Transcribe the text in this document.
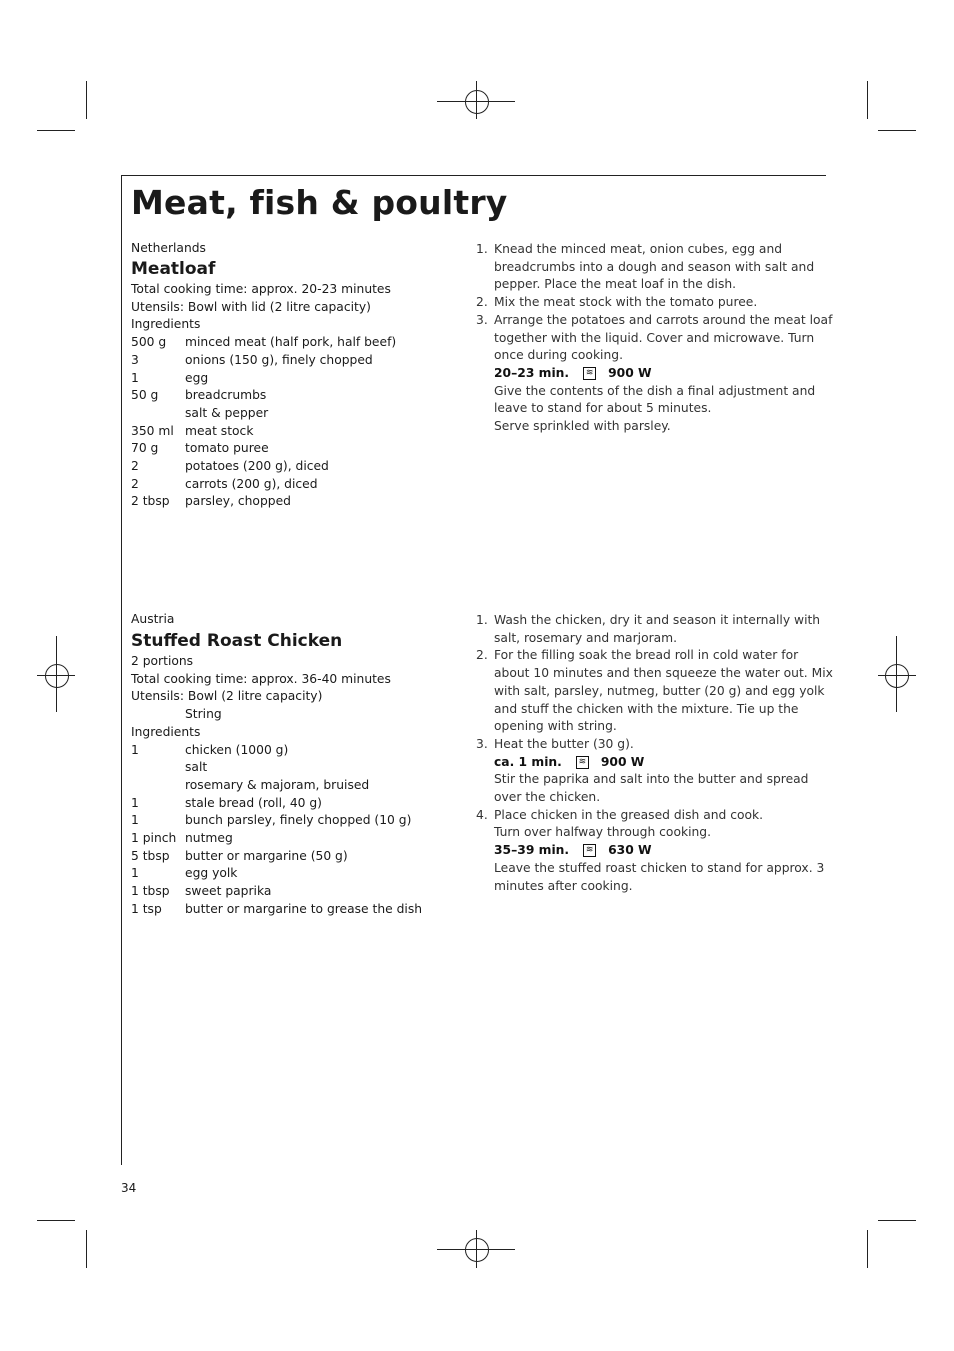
Meat, fish & poultry
Netherlands
Meatloaf
Total cooking time: approx. 20-23 minutes
Utensils: Bowl with lid (2 litre capacity)
Ingredients
500 g	minced meat (half pork, half beef)
3	onions (150 g), finely chopped
1	egg
50 g	breadcrumbs
	salt & pepper
350 ml	meat stock
70 g	tomato puree
2	potatoes (200 g), diced
2	carrots (200 g), diced
2 tbsp	parsley, chopped
1. Knead the minced meat, onion cubes, egg and
breadcrumbs into a dough and season with salt and
pepper. Place the meat loaf in the dish.
2. Mix the meat stock with the tomato puree.
3. Arrange the potatoes and carrots around the meat loaf
together with the liquid. Cover and microwave. Turn
once during cooking.
20–23 min.	≋ 900 W
Give the contents of the dish a final adjustment and
leave to stand for about 5 minutes.
Serve sprinkled with parsley.
Austria
Stuffed Roast Chicken
2 portions
Total cooking time: approx. 36-40 minutes
Utensils: Bowl (2 litre capacity)
String
Ingredients
1	chicken (1000 g)
	salt
	rosemary & majoram, bruised
1	stale bread (roll, 40 g)
1	bunch parsley, finely chopped (10 g)
1 pinch	nutmeg
5 tbsp	butter or margarine (50 g)
1	egg yolk
1 tbsp	sweet paprika
1 tsp	butter or margarine to grease the dish
1. Wash the chicken, dry it and season it internally with
salt, rosemary and marjoram.
2. For the filling soak the bread roll in cold water for
about 10 minutes and then squeeze the water out. Mix
with salt, parsley, nutmeg, butter (20 g) and egg yolk
and stuff the chicken with the mixture. Tie up the
opening with string.
3. Heat the butter (30 g).
ca. 1 min.	≋ 900 W
Stir the paprika and salt into the butter and spread
over the chicken.
4. Place chicken in the greased dish and cook.
Turn over halfway through cooking.
35–39 min.	≋ 630 W
Leave the stuffed roast chicken to stand for approx. 3
minutes after cooking.
34
